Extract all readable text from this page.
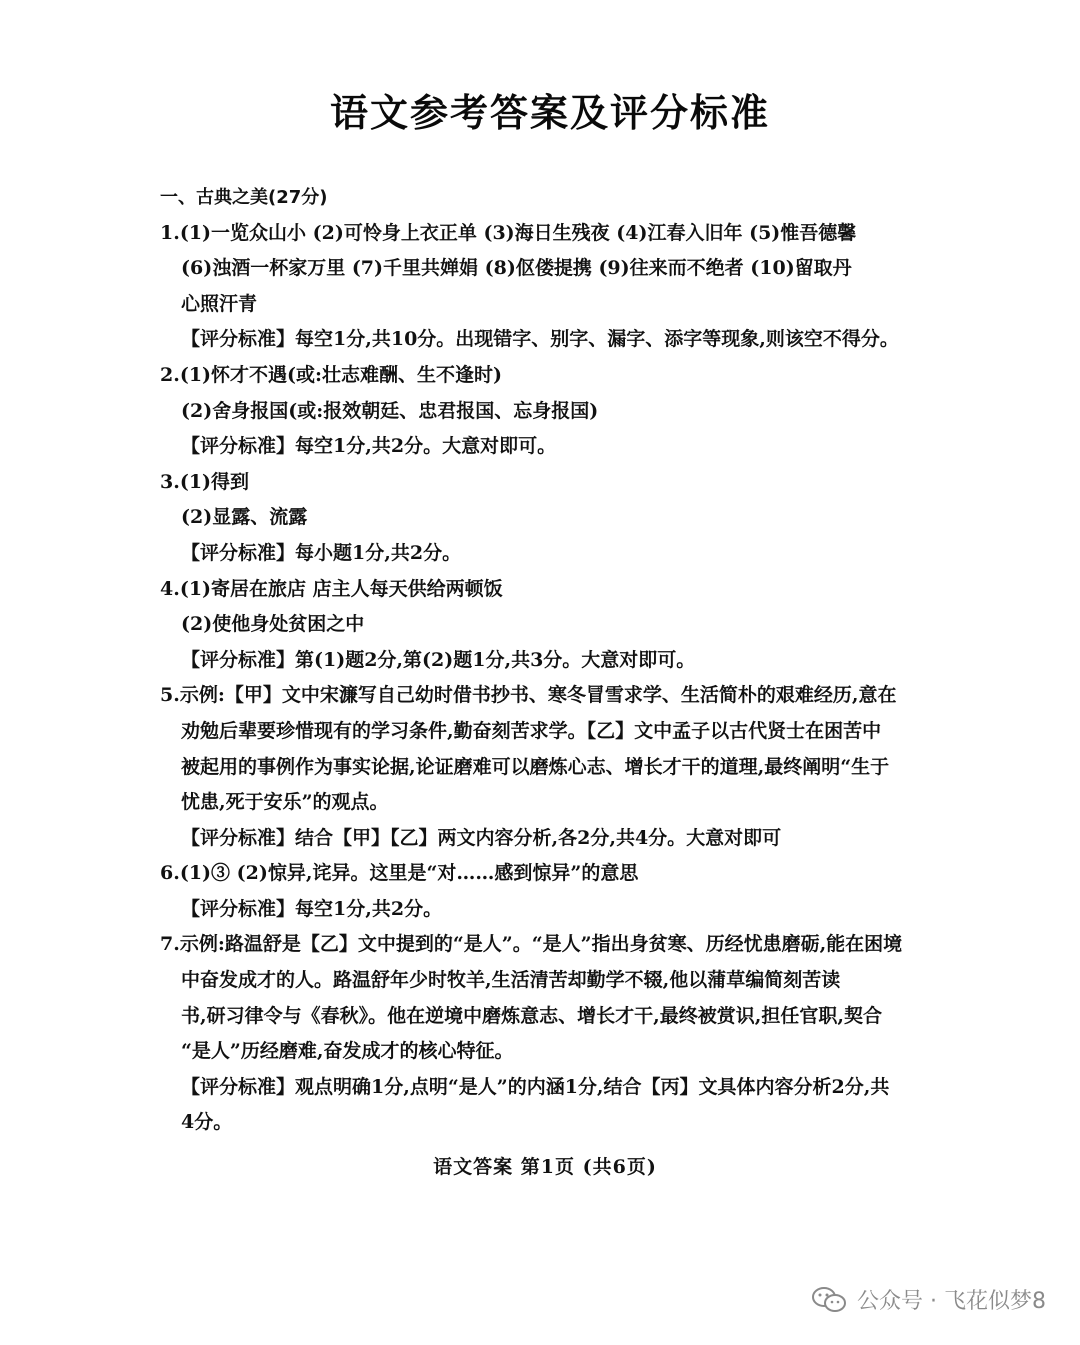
语文参考答案及评分标准
一、古典之美(27分)
1.(1)一览众山小 (2)可怜身上衣正单 (3)海日生残夜 (4)江春入旧年 (5)惟吾德馨
(6)浊酒一杯家万里 (7)千里共婵娟 (8)伛偻提携 (9)往来而不绝者 (10)留取丹
心照汗青
【评分标准】每空1分,共10分。出现错字、别字、漏字、添字等现象,则该空不得分。
2.(1)怀才不遇(或:壮志难酬、生不逢时)
(2)舍身报国(或:报效朝廷、忠君报国、忘身报国)
【评分标准】每空1分,共2分。大意对即可。
3.(1)得到
(2)显露、流露
【评分标准】每小题1分,共2分。
4.(1)寄居在旅店 店主人每天供给两顿饭
(2)使他身处贫困之中
【评分标准】第(1)题2分,第(2)题1分,共3分。大意对即可。
5.示例:【甲】文中宋濂写自己幼时借书抄书、寒冬冒雪求学、生活简朴的艰难经历,意在
劝勉后辈要珍惜现有的学习条件,勤奋刻苦求学。【乙】文中孟子以古代贤士在困苦中
被起用的事例作为事实论据,论证磨难可以磨炼心志、增长才干的道理,最终阐明“生于
忧患,死于安乐”的观点。
【评分标准】结合【甲】【乙】两文内容分析,各2分,共4分。大意对即可
6.(1)③ (2)惊异,诧异。这里是“对……感到惊异”的意思
【评分标准】每空1分,共2分。
7.示例:路温舒是【乙】文中提到的“是人”。“是人”指出身贫寒、历经忧患磨砺,能在困境
中奋发成才的人。路温舒年少时牧羊,生活清苦却勤学不辍,他以蒲草编简刻苦读
书,研习律令与《春秋》。他在逆境中磨炼意志、增长才干,最终被赏识,担任官职,契合
“是人”历经磨难,奋发成才的核心特征。
【评分标准】观点明确1分,点明“是人”的内涵1分,结合【丙】文具体内容分析2分,共
4分。
语文答案 第1页 (共6页)
公众号 · 飞花似梦8
